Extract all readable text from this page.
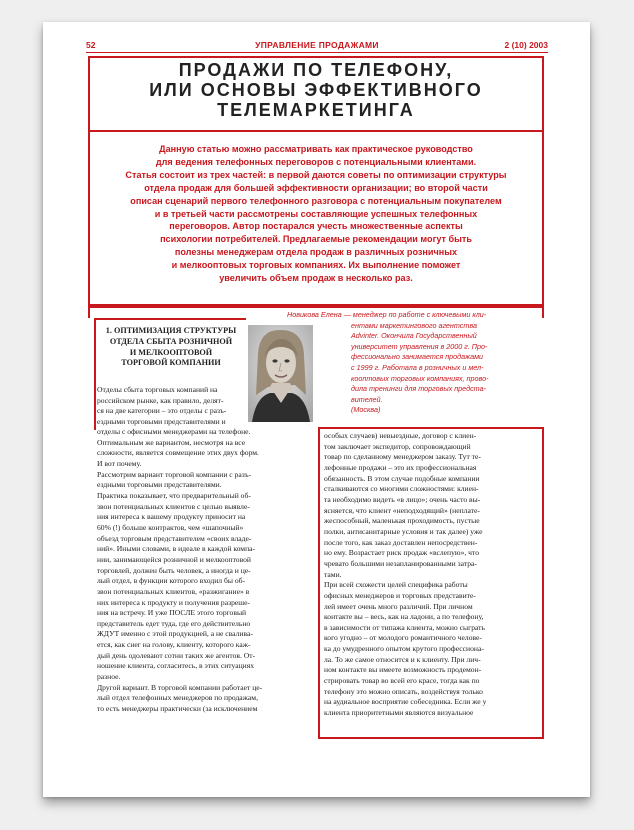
52	УПРАВЛЕНИЕ ПРОДАЖАМИ	2 (10) 2003
ПРОДАЖИ ПО ТЕЛЕФОНУ,
ИЛИ ОСНОВЫ ЭФФЕКТИВНОГО
ТЕЛЕМАРКЕТИНГА
Данную статью можно рассматривать как практическое руководство
для ведения телефонных переговоров с потенциальными клиентами.
Статья состоит из трех частей: в первой даются советы по оптимизации структуры
отдела продаж для большей эффективности организации; во второй части
описан сценарий первого телефонного разговора с потенциальным покупателем
и в третьей части рассмотрены составляющие успешных телефонных
переговоров. Автор постарался учесть множественные аспекты
психологии потребителей. Предлагаемые рекомендации могут быть
полезны менеджерам отдела продаж в различных розничных
и мелкооптовых торговых компаниях. Их выполнение поможет
увеличить объем продаж в несколько раз.

Новикова Елена — менеджер по работе с ключевыми кли-

ентами маркетингового агентства
Advinter. Окончила Государственный
университет управления в 2000 г. Про-
фессионально занимается продажами
с 1999 г. Работала в розничных и мел-
кооптовых торговых компаниях, прово-
дила тренинги для торговых предста-
вителей.
(Москва)
1. ОПТИМИЗАЦИЯ СТРУКТУРЫ
ОТДЕЛА СБЫТА РОЗНИЧНОЙ
И МЕЛКООПТОВОЙ
ТОРГОВОЙ КОМПАНИИ
Отделы сбыта торговых компаний на
российском рынке, как правило, делят-
ся на две категории – это отделы с разъ-
ездными торговыми представителями и
отделы с офисными менеджерами на телефоне.
Оптимальным же вариантом, несмотря на все
сложности, является совмещение этих двух форм.
И вот почему.
Рассмотрим вариант торговой компании с разъ-
ездными торговыми представителями.
Практика показывает, что предварительный об-
звон потенциальных клиентов с целью выявле-
ния интереса к вашему продукту приносит на
60% (!) больше контрактов, чем «шапочный»
объезд торговым представителем «своих владе-
ний». Иными словами, в идеале в каждой компа-
нии, занимающейся розничной и мелкооптовой
торговлей, должен быть человек, а иногда и це-
лый отдел, в функции которого входил бы об-
звон потенциальных клиентов, «разжигание» в
них интереса к продукту и получения разреше-
ния на встречу. И уже ПОСЛЕ этого торговый
представитель едет туда, где его действительно
ЖДУТ именно с этой продукцией, а не сваливa-
ется, как снег на голову, клиенту, которого каж-
дый день одолевают сотни таких же агентов. От-
ношение клиента, согласитесь, в этих ситуациях
разное.
Другой вариант. В торговой компании работает це-
лый отдел телефонных менеджеров по продажам,
то есть менеджеры практически (за исключением
особых случаев) невыездные, договор с клиен-
том заключает экспедитор, сопровождающий
товар по сделанному менеджером заказу. Тут те-
лефонные продажи – это их профессиональная
обязанность. В этом случае подобные компании
сталкиваются со многими сложностями: клиен-
та необходимо видеть «в лицо»; очень часто вы-
ясняется, что клиент «неподходящий» (неплате-
жеспособный, маленькая проходимость, пустые
полки, антисанитарные условия и так далее) уже
после того, как заказ доставлен непосредствен-
но ему. Возрастает риск продаж «вслепую», что
чревато большими незапланированными затра-
тами.
При всей схожести целей специфика работы
офисных менеджеров и торговых представите-
лей имеет очень много различий. При личном
контакте вы – весь, как на ладони, а по телефону,
в зависимости от типажа клиента, можно сыграть
кого угодно – от молодого романтичного челове-
ка до умудренного опытом крутого профессиона-
ла. То же самое относится и к клиенту. При лич-
ном контакте вы имеете возможность продемон-
стрировать товар во всей его красе, тогда как по
телефону это можно описать, воздействуя только
на аудиальное восприятие собеседника. Если же у
клиента приоритетными являются визуальное
